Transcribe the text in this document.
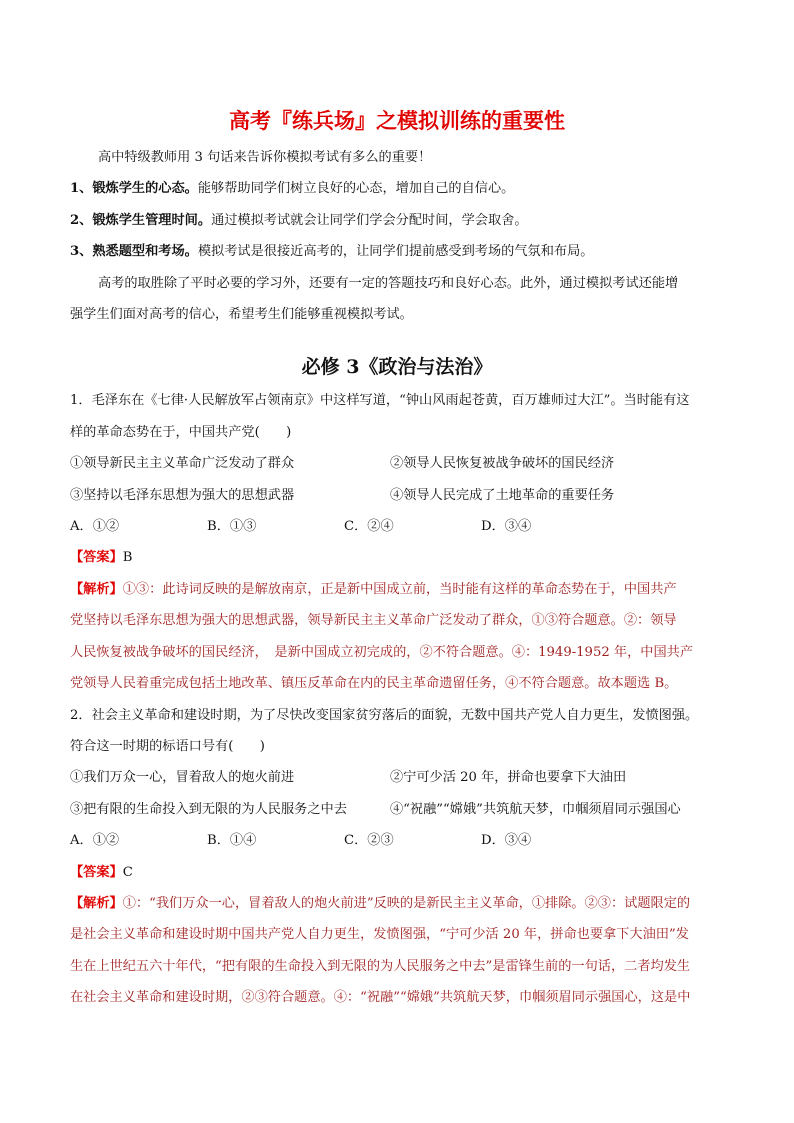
高考『练兵场』之模拟训练的重要性

高中特级教师用 3 句话来告诉你模拟考试有多么的重要！

1、锻炼学生的心态。能够帮助同学们树立良好的心态，增加自己的自信心。

2、锻炼学生管理时间。通过模拟考试就会让同学们学会分配时间，学会取舍。

3、熟悉题型和考场。模拟考试是很接近高考的，让同学们提前感受到考场的气氛和布局。

高考的取胜除了平时必要的学习外，还要有一定的答题技巧和良好心态。此外，通过模拟考试还能增

强学生们面对高考的信心，希望考生们能够重视模拟考试。

必修 3《政治与法治》

1．毛泽东在《七律·人民解放军占领南京》中这样写道，“钟山风雨起苍黄，百万雄师过大江”。当时能有这

样的革命态势在于，中国共产党(　　)

①领导新民主主义革命广泛发动了群众	②领导人民恢复被战争破坏的国民经济
③坚持以毛泽东思想为强大的思想武器	④领导人民完成了土地革命的重要任务
A．①②	B．①③	C．②④	D．③④

【答案】B

【解析】①③：此诗词反映的是解放南京，正是新中国成立前，当时能有这样的革命态势在于，中国共产

党坚持以毛泽东思想为强大的思想武器，领导新民主主义革命广泛发动了群众，①③符合题意。②：领导

人民恢复被战争破坏的国民经济，　是新中国成立初完成的，②不符合题意。④：1949-1952 年，中国共产

党领导人民着重完成包括土地改革、镇压反革命在内的民主革命遗留任务，④不符合题意。故本题选 B。

2．社会主义革命和建设时期，为了尽快改变国家贫穷落后的面貌，无数中国共产党人自力更生，发愤图强。

符合这一时期的标语口号有(　　)

①我们万众一心，冒着敌人的炮火前进	②宁可少活 20 年，拼命也要拿下大油田
③把有限的生命投入到无限的为人民服务之中去	④“祝融”“嫦娥”共筑航天梦，巾帼须眉同示强国心
A．①②	B．①④	C．②③	D．③④

【答案】C

【解析】①：“我们万众一心，冒着敌人的炮火前进”反映的是新民主主义革命，①排除。②③：试题限定的

是社会主义革命和建设时期中国共产党人自力更生，发愤图强，“宁可少活 20 年，拼命也要拿下大油田”发

生在上世纪五六十年代，“把有限的生命投入到无限的为人民服务之中去”是雷锋生前的一句话，二者均发生

在社会主义革命和建设时期，②③符合题意。④：“祝融”“嫦娥”共筑航天梦，巾帼须眉同示强国心，这是中
